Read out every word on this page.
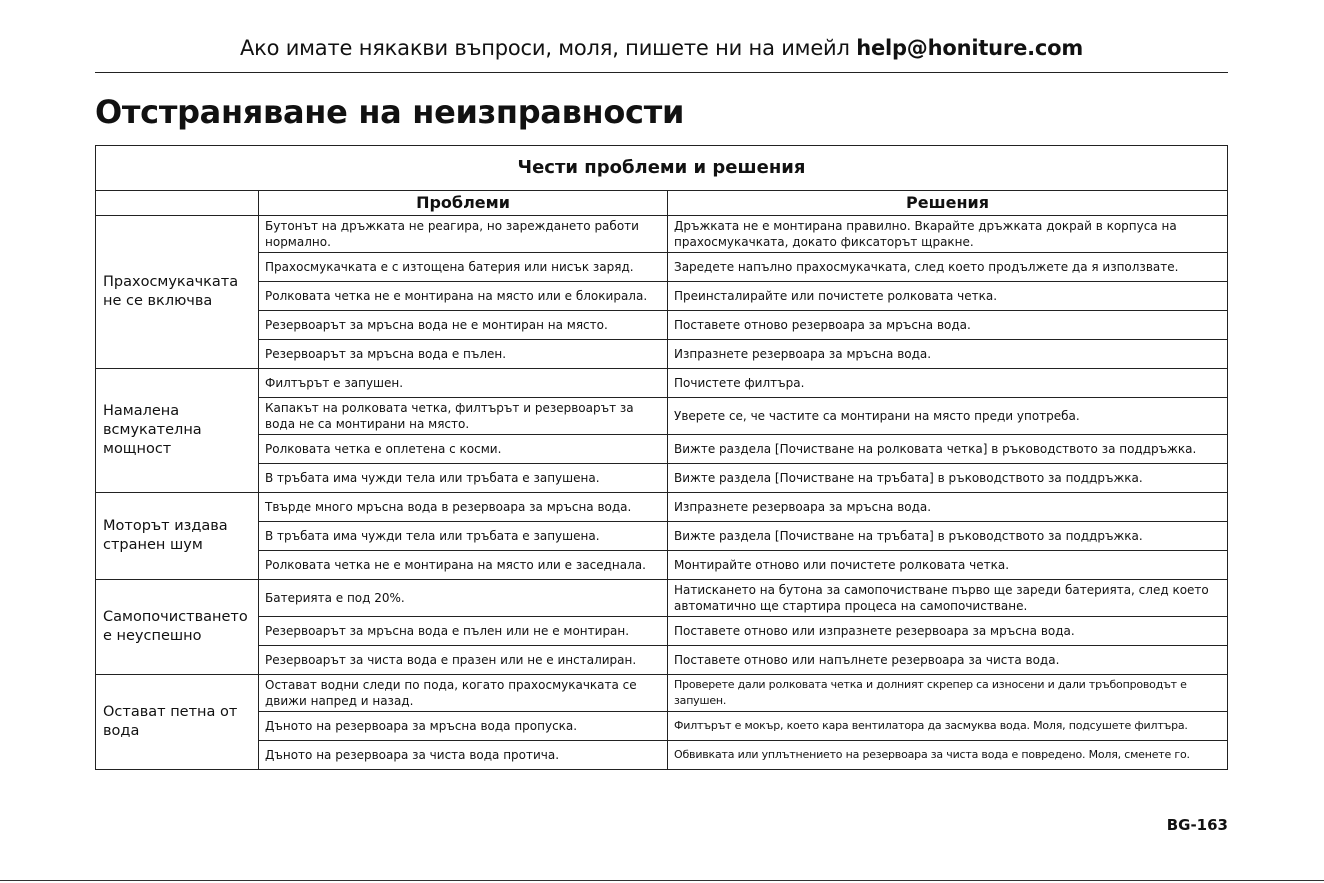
Ако имате някакви въпроси, моля, пишете ни на имейл help@honiture.com
Отстраняване на неизправности
Чести проблеми и решения		
	Проблеми	Решения
Прахосмукачката не се включва	Бутонът на дръжката не реагира, но зареждането работи нормално.	Дръжката не е монтирана правилно. Вкарайте дръжката докрай в корпуса на прахосмукачката, докато фиксаторът щракне.
	Прахосмукачката е с изтощена батерия или нисък заряд.	Заредете напълно прахосмукачката, след което продължете да я използвате.
	Ролковата четка не е монтирана на място или е блокирала.	Преинсталирайте или почистете ролковата четка.
	Резервоарът за мръсна вода не е монтиран на място.	Поставете отново резервоара за мръсна вода.
	Резервоарът за мръсна вода е пълен.	Изпразнете резервоара за мръсна вода.
Намалена всмукателна мощност	Филтърът е запушен.	Почистете филтъра.
	Капакът на ролковата четка, филтърът и резервоарът за вода не са монтирани на място.	Уверете се, че частите са монтирани на място преди употреба.
	Ролковата четка е оплетена с косми.	Вижте раздела [Почистване на ролковата четка] в ръководството за поддръжка.
	В тръбата има чужди тела или тръбата е запушена.	Вижте раздела [Почистване на тръбата] в ръководството за поддръжка.
Моторът издава странен шум	Твърде много мръсна вода в резервоара за мръсна вода.	Изпразнете резервоара за мръсна вода.
	В тръбата има чужди тела или тръбата е запушена.	Вижте раздела [Почистване на тръбата] в ръководството за поддръжка.
	Ролковата четка не е монтирана на място или е заседнала.	Монтирайте отново или почистете ролковата четка.
Самопочистването е неуспешно	Батерията е под 20%.	Натискането на бутона за самопочистване първо ще зареди батерията, след което автоматично ще стартира процеса на самопочистване.
	Резервоарът за мръсна вода е пълен или не е монтиран.	Поставете отново или изпразнете резервоара за мръсна вода.
	Резервоарът за чиста вода е празен или не е инсталиран.	Поставете отново или напълнете резервоара за чиста вода.
Остават петна от вода	Остават водни следи по пода, когато прахосмукачката се движи напред и назад.	Проверете дали ролковата четка и долният скрепер са износени и дали тръбопроводът е запушен.
	Дъното на резервоара за мръсна вода пропуска.	Филтърът е мокър, което кара вентилатора да засмуква вода. Моля, подсушете филтъра.
	Дъното на резервоара за чиста вода протича.	Обвивката или уплътнението на резервоара за чиста вода е повредено. Моля, сменете го.
BG-163
